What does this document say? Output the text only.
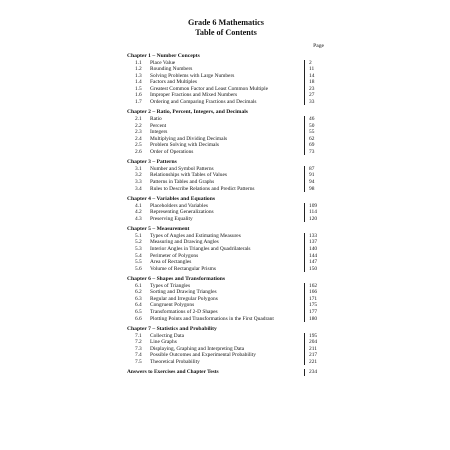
Grade 6 Mathematics
Table of Contents
Page
Chapter 1 – Number Concepts
1.1	Place Value	2
1.2	Rounding Numbers	11
1.3	Solving Problems with Large Numbers	14
1.4	Factors and Multiples	18
1.5	Greatest Common Factor and Least Common Multiple	23
1.6	Improper Fractions and Mixed Numbers	27
1.7	Ordering and Comparing Fractions and Decimals	33
Chapter 2 – Ratio, Percent, Integers, and Decimals
2.1	Ratio	46
2.2	Percent	50
2.3	Integers	55
2.4	Multiplying and Dividing Decimals	62
2.5	Problem Solving with Decimals	69
2.6	Order of Operations	73
Chapter 3 – Patterns
3.1	Number and Symbol Patterns	87
3.2	Relationships with Tables of Values	91
3.3	Patterns in Tables and Graphs	94
3.4	Rules to Describe Relations and Predict Patterns	98
Chapter 4 – Variables and Equations
4.1	Placeholders and Variables	109
4.2	Representing Generalizations	114
4.3	Preserving Equality	120
Chapter 5 – Measurement
5.1	Types of Angles and Estimating Measures	133
5.2	Measuring and Drawing Angles	137
5.3	Interior Angles in Triangles and Quadrilaterals	140
5.4	Perimeter of Polygons	144
5.5	Area of Rectangles	147
5.6	Volume of Rectangular Prisms	150
Chapter 6 – Shapes and Transformations
6.1	Types of Triangles	162
6.2	Sorting and Drawing Triangles	166
6.3	Regular and Irregular Polygons	171
6.4	Congruent Polygons	175
6.5	Transformations of 2-D Shapes	177
6.6	Plotting Points and Transformations in the First Quadrant	180
Chapter 7 – Statistics and Probability
7.1	Collecting Data	195
7.2	Line Graphs	204
7.3	Displaying, Graphing and Interpreting Data	211
7.4	Possible Outcomes and Experimental Probability	217
7.5	Theoretical Probability	221
Answers to Exercises and Chapter Tests	234
